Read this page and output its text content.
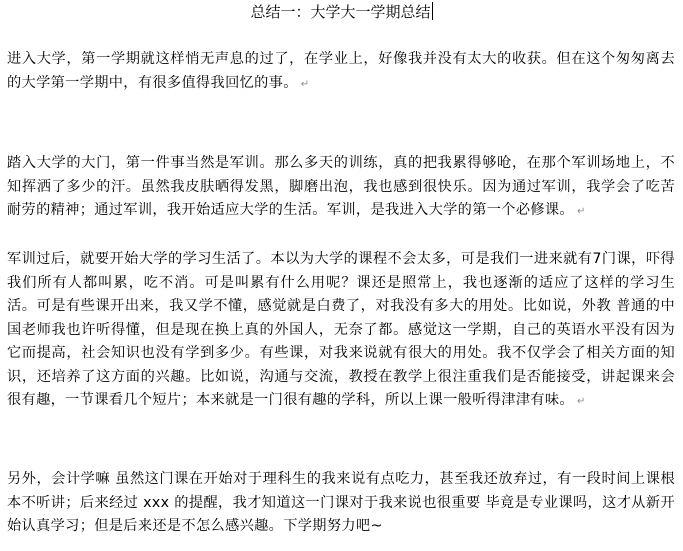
总结一：大学大一学期总结

进入大学，第一学期就这样悄无声息的过了，在学业上，好像我并没有太大的收获。但在这个匆匆离去的大学第一学期中，有很多值得我回忆的事。 ↵

踏入大学的大门，第一件事当然是军训。那么多天的训练，真的把我累得够呛，在那个军训场地上，不知挥洒了多少的汗。虽然我皮肤晒得发黑，脚磨出泡，我也感到很快乐。因为通过军训，我学会了吃苦耐劳的精神；通过军训，我开始适应大学的生活。军训，是我进入大学的第一个必修课。 ↵

军训过后，就要开始大学的学习生活了。本以为大学的课程不会太多，可是我们一进来就有7门课，吓得我们所有人都叫累，吃不消。可是叫累有什么用呢？课还是照常上，我也逐渐的适应了这样的学习生活。可是有些课开出来，我又学不懂，感觉就是白费了，对我没有多大的用处。比如说，外教 普通的中国老师我也许听得懂，但是现在换上真的外国人，无奈了都。感觉这一学期，自己的英语水平没有因为它而提高，社会知识也没有学到多少。有些课，对我来说就有很大的用处。我不仅学会了相关方面的知识，还培养了这方面的兴趣。比如说，沟通与交流，教授在教学上很注重我们是否能接受，讲起课来会很有趣，一节课看几个短片；本来就是一门很有趣的学科，所以上课一般听得津津有味。 ↵

另外，会计学嘛 虽然这门课在开始对于理科生的我来说有点吃力，甚至我还放弃过，有一段时间上课根本不听讲；后来经过 xxx 的提醒，我才知道这一门课对于我来说也很重要 毕竟是专业课吗，这才从新开始认真学习；但是后来还是不怎么感兴趣。下学期努力吧~
